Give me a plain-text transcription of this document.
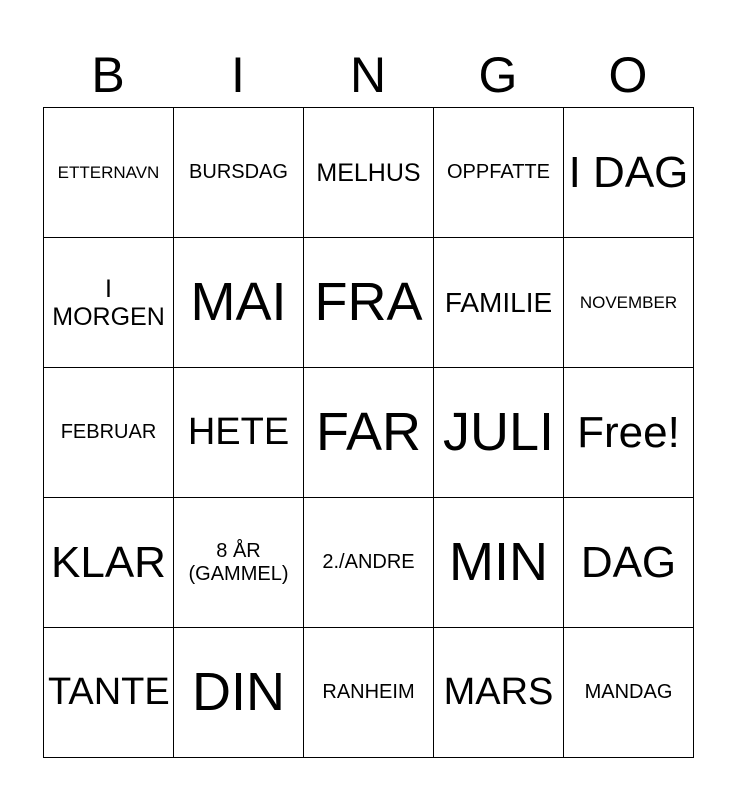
B	I	N	G	O
ETTERNAVN	BURSDAG	MELHUS	OPPFATTE	I DAG
I MORGEN	MAI	FRA	FAMILIE	NOVEMBER
FEBRUAR	HETE	FAR	JULI	Free!
KLAR	8 ÅR (GAMMEL)	2./ANDRE	MIN	DAG
TANTE	DIN	RANHEIM	MARS	MANDAG
